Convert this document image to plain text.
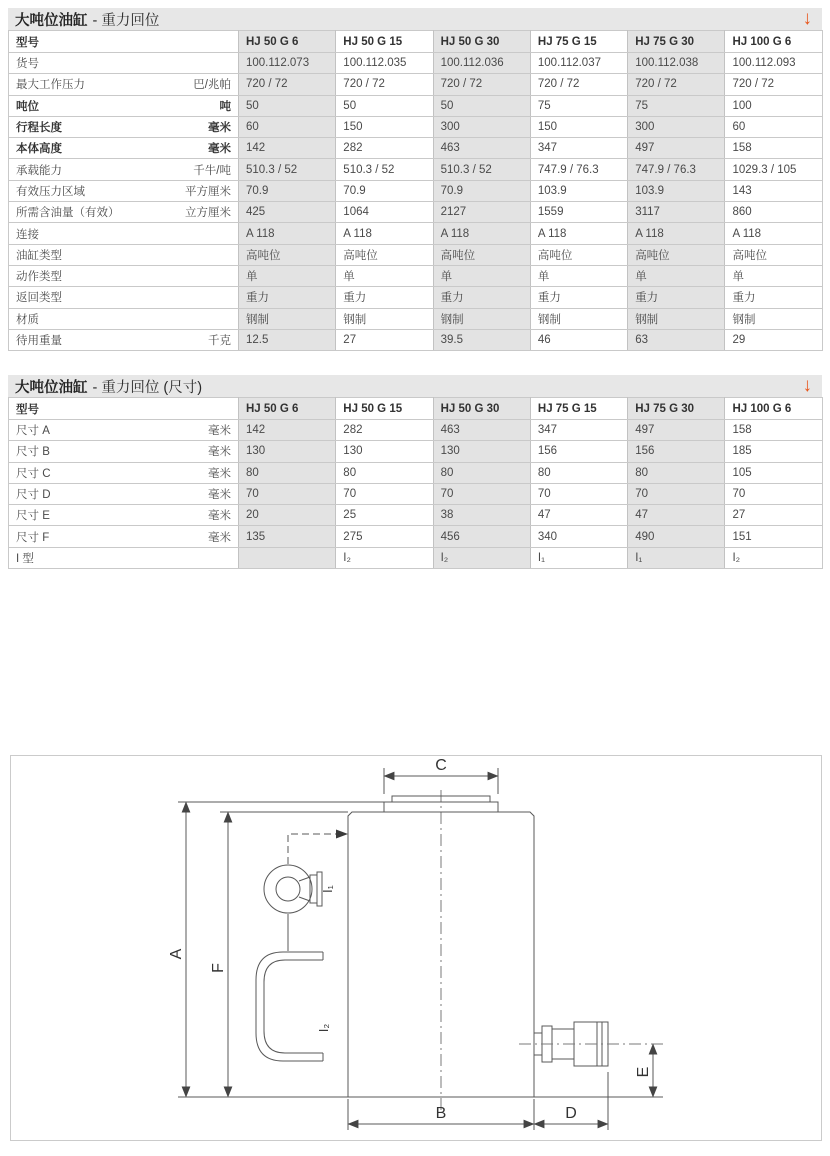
大吨位油缸 - 重力回位	↓
型号	HJ 50 G 6	HJ 50 G 15	HJ 50 G 30	HJ 75 G 15	HJ 75 G 30	HJ 100 G 6

货号	100.112.073	100.112.035	100.112.036	100.112.037	100.112.038	100.112.093

最大工作压力 巴/兆帕	720 / 72	720 / 72	720 / 72	720 / 72	720 / 72	720 / 72

吨位 吨	50	50	50	75	75	100

行程长度 毫米	60	150	300	150	300	60

本体高度 毫米	142	282	463	347	497	158

承载能力 千牛/吨	510.3 / 52	510.3 / 52	510.3 / 52	747.9 / 76.3	747.9 / 76.3	1029.3 / 105

有效压力区域 平方厘米	70.9	70.9	70.9	103.9	103.9	143

所需含油量（有效） 立方厘米	425	1064	2127	1559	3117	860

连接	A 118	A 118	A 118	A 118	A 118	A 118

油缸类型	高吨位	高吨位	高吨位	高吨位	高吨位	高吨位

动作类型	单	单	单	单	单	单

返回类型	重力	重力	重力	重力	重力	重力

材质	钢制	钢制	钢制	钢制	钢制	钢制

待用重量 千克	12.5	27	39.5	46	63	29
大吨位油缸 - 重力回位 (尺寸)	↓
型号	HJ 50 G 6	HJ 50 G 15	HJ 50 G 30	HJ 75 G 15	HJ 75 G 30	HJ 100 G 6

尺寸 A 毫米	142	282	463	347	497	158

尺寸 B 毫米	130	130	130	156	156	185

尺寸 C 毫米	80	80	80	80	80	105

尺寸 D 毫米	70	70	70	70	70	70

尺寸 E 毫米	20	25	38	47	47	27

尺寸 F 毫米	135	275	456	340	490	151

I 型		I₂	I₂	I₁	I₁	I₂
C
A
F
E
I₁
I₂
B	D
